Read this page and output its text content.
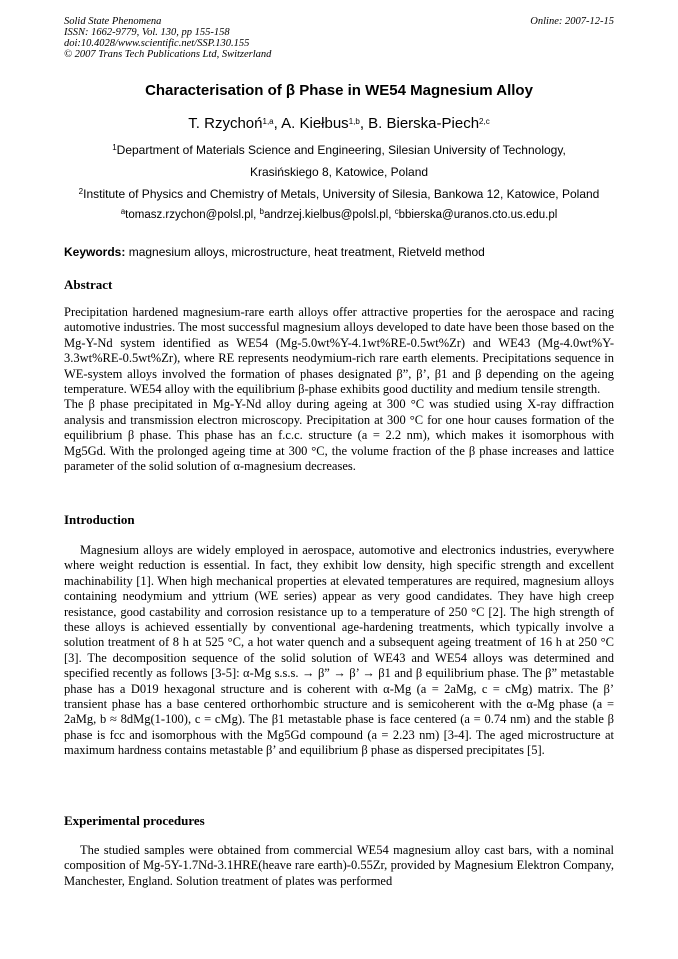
Solid State Phenomena
ISSN: 1662-9779, Vol. 130, pp 155-158
doi:10.4028/www.scientific.net/SSP.130.155
© 2007 Trans Tech Publications Ltd, Switzerland
Online: 2007-12-15
Characterisation of β Phase in WE54 Magnesium Alloy
T. Rzychoń$^{1,a}$, A. Kiełbus$^{1,b}$, B. Bierska-Piech$^{2,c}$
$^1$Department of Materials Science and Engineering, Silesian University of Technology,
Krasińskiego 8, Katowice, Poland
$^2$Institute of Physics and Chemistry of Metals, University of Silesia, Bankowa 12, Katowice, Poland
$^a$tomasz.rzychon@polsl.pl, $^b$andrzej.kielbus@polsl.pl, $^c$bbierska@uranos.cto.us.edu.pl
Keywords: magnesium alloys, microstructure, heat treatment, Rietveld method
Abstract

Precipitation hardened magnesium-rare earth alloys offer attractive properties for the aerospace and racing automotive industries. The most successful magnesium alloys developed to date have been those based on the Mg-Y-Nd system identified as WE54 (Mg-5.0wt%Y-4.1wt%RE-0.5wt%Zr) and WE43 (Mg-4.0wt%Y-3.3wt%RE-0.5wt%Zr), where RE represents neodymium-rich rare earth elements. Precipitations sequence in WE-system alloys involved the formation of phases designated β”, β’, β1 and β depending on the ageing temperature. WE54 alloy with the equilibrium β-phase exhibits good ductility and medium tensile strength.

The β phase precipitated in Mg-Y-Nd alloy during ageing at 300 °C was studied using X-ray diffraction analysis and transmission electron microscopy. Precipitation at 300 °C for one hour causes formation of the equilibrium β phase. This phase has an f.c.c. structure (a = 2.2 nm), which makes it isomorphous with Mg5Gd. With the prolonged ageing time at 300 °C, the volume fraction of the β phase increases and lattice parameter of the solid solution of α-magnesium decreases.

Introduction

Magnesium alloys are widely employed in aerospace, automotive and electronics industries, everywhere where weight reduction is essential. In fact, they exhibit low density, high specific strength and excellent machinability [1]. When high mechanical properties at elevated temperatures are required, magnesium alloys containing neodymium and yttrium (WE series) appear as very good candidates. They have high creep resistance, good castability and corrosion resistance up to a temperature of 250 °C [2]. The high strength of these alloys is achieved essentially by conventional age-hardening treatments, which typically involve a solution treatment of 8 h at 525 °C, a hot water quench and a subsequent ageing treatment of 16 h at 250 °C [3]. The decomposition sequence of the solid solution of WE43 and WE54 alloys was determined and specified recently as follows [3-5]: α-Mg s.s.s. → β” → β’ → β1 and β equilibrium phase. The β” metastable phase has a D019 hexagonal structure and is coherent with α-Mg (a = 2aMg, c = cMg) matrix. The β’ transient phase has a base centered orthorhombic structure and is semicoherent with the α-Mg phase (a = 2aMg, b ≈ 8dMg(1-100), c = cMg). The β1 metastable phase is face centered (a = 0.74 nm) and the stable β phase is fcc and isomorphous with the Mg5Gd compound (a = 2.23 nm) [3-4]. The aged microstructure at maximum hardness contains metastable β’ and equilibrium β phase as dispersed precipitates [5].

Experimental procedures

The studied samples were obtained from commercial WE54 magnesium alloy cast bars, with a nominal composition of Mg-5Y-1.7Nd-3.1HRE(heave rare earth)-0.55Zr, provided by Magnesium Elektron Company, Manchester, England. Solution treatment of plates was performed
